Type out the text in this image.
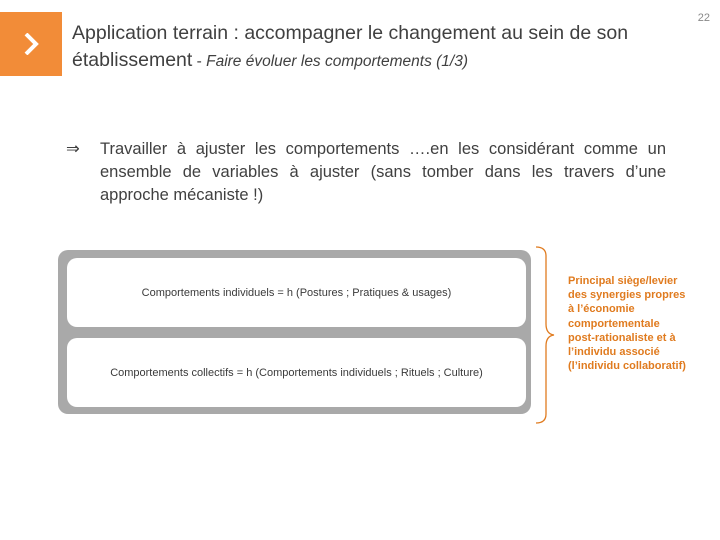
22
Application terrain : accompagner le changement au sein de son établissement - Faire évoluer les comportements (1/3)
⇒	Travailler à ajuster les comportements ….en les considérant comme un ensemble de variables à ajuster (sans tomber dans les travers d’une approche mécaniste !)
Comportements individuels = h (Postures ; Pratiques & usages)
Comportements collectifs = h (Comportements individuels ; Rituels ; Culture)
Principal siège/levier des synergies propres à l’économie comportementale post-rationaliste et à l’individu associé (l’individu collaboratif)
